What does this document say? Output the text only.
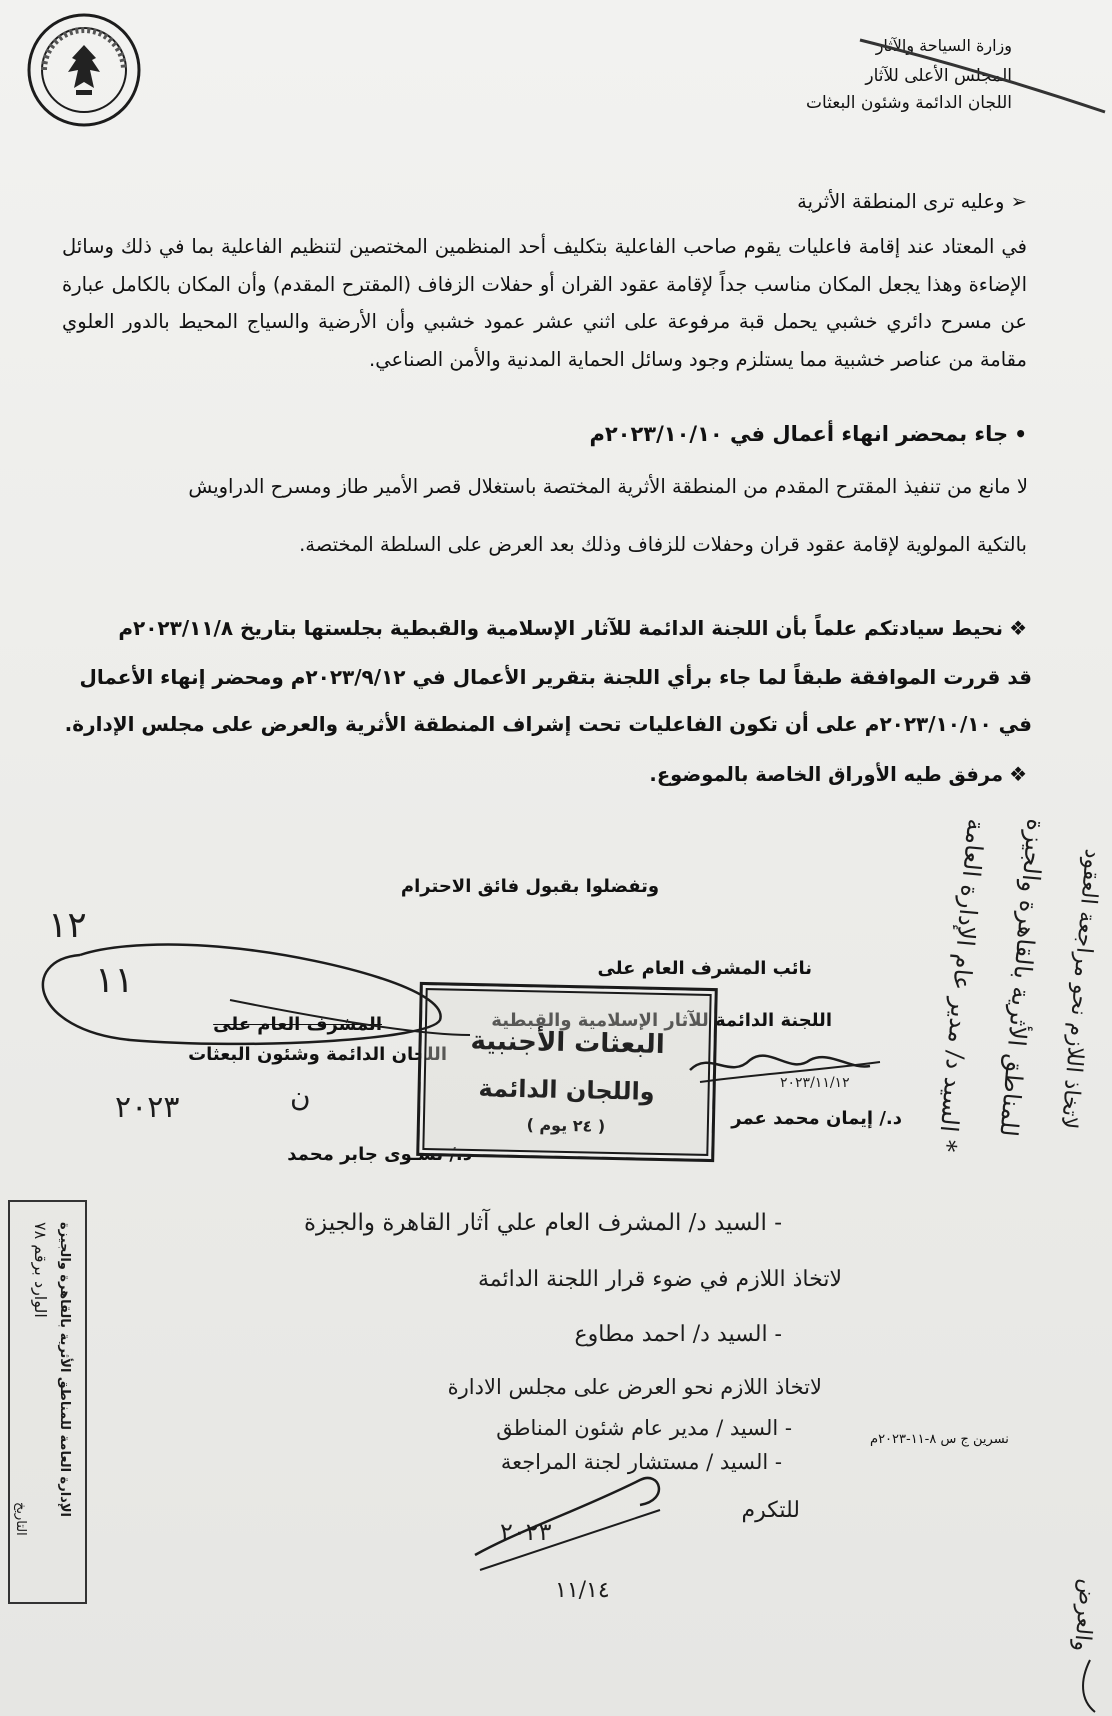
وزارة السياحة والآثار
المجلس الأعلى للآثار
اللجان الدائمة وشئون البعثات
➢ وعليه ترى المنطقة الأثرية
في المعتاد عند إقامة فاعليات يقوم صاحب الفاعلية بتكليف أحد المنظمين المختصين لتنظيم الفاعلية بما في ذلك وسائل الإضاءة وهذا يجعل المكان مناسب جداً لإقامة عقود القران أو حفلات الزفاف (المقترح المقدم) وأن المكان بالكامل عبارة عن مسرح دائري خشبي يحمل قبة مرفوعة على اثني عشر عمود خشبي وأن الأرضية والسياج المحيط بالدور العلوي مقامة من عناصر خشبية مما يستلزم وجود وسائل الحماية المدنية والأمن الصناعي.
•جاء بمحضر انهاء أعمال في ٢٠٢٣/١٠/١٠م
لا مانع من تنفيذ المقترح المقدم من المنطقة الأثرية المختصة باستغلال قصر الأمير طاز ومسرح الدراويش
بالتكية المولوية لإقامة عقود قران وحفلات للزفاف وذلك بعد العرض على السلطة المختصة.
❖نحيط سيادتكم علماً بأن اللجنة الدائمة للآثار الإسلامية والقبطية بجلستها بتاريخ ٢٠٢٣/١١/٨م
قد قررت الموافقة طبقاً لما جاء برأي اللجنة بتقرير الأعمال في ٢٠٢٣/٩/١٢م ومحضر إنهاء الأعمال
في ٢٠٢٣/١٠/١٠م على أن تكون الفاعليات تحت إشراف المنطقة الأثرية والعرض على مجلس الإدارة.
❖مرفق طيه الأوراق الخاصة بالموضوع.
وتفضلوا بقبول فائق الاحترام
نائب المشرف العام على
اللجنة الدائمة للآثار الإسلامية والقبطية
د./ إيمان محمد عمر
المشرف العام على
اللجان الدائمة وشئون البعثات
د./ نشـوى جابر محمد
١٢
١١
٢٠٢٣	ن	٢٠٢٣/١١/١٢
البعثات الأجنبية
واللجان الدائمة
( ٢٤ يوم )
- السيد د/ المشرف العام علي آثار القاهرة والجيزة
لاتخاذ اللازم في ضوء قرار اللجنة الدائمة
- السيد د/ احمد مطاوع
لاتخاذ اللازم نحو العرض على مجلس الادارة
- السيد / مدير عام شئون المناطق
- السيد / مستشار لجنة المراجعة
للتكرم
٢٠٢٣
١١/١٤
نسرين ج س ٨-١١-٢٠٢٣م
* السيد د/ مدير عام الإدارة العامة للمناطق الأثرية بالقاهرة والجيزة لاتخاذ اللازم نحو مراجعة العقود
والعرض
الإدارة العامة للمناطق الأثرية بالقاهرة والجيزة
الوارد برقم ٧٨
التاريخ
